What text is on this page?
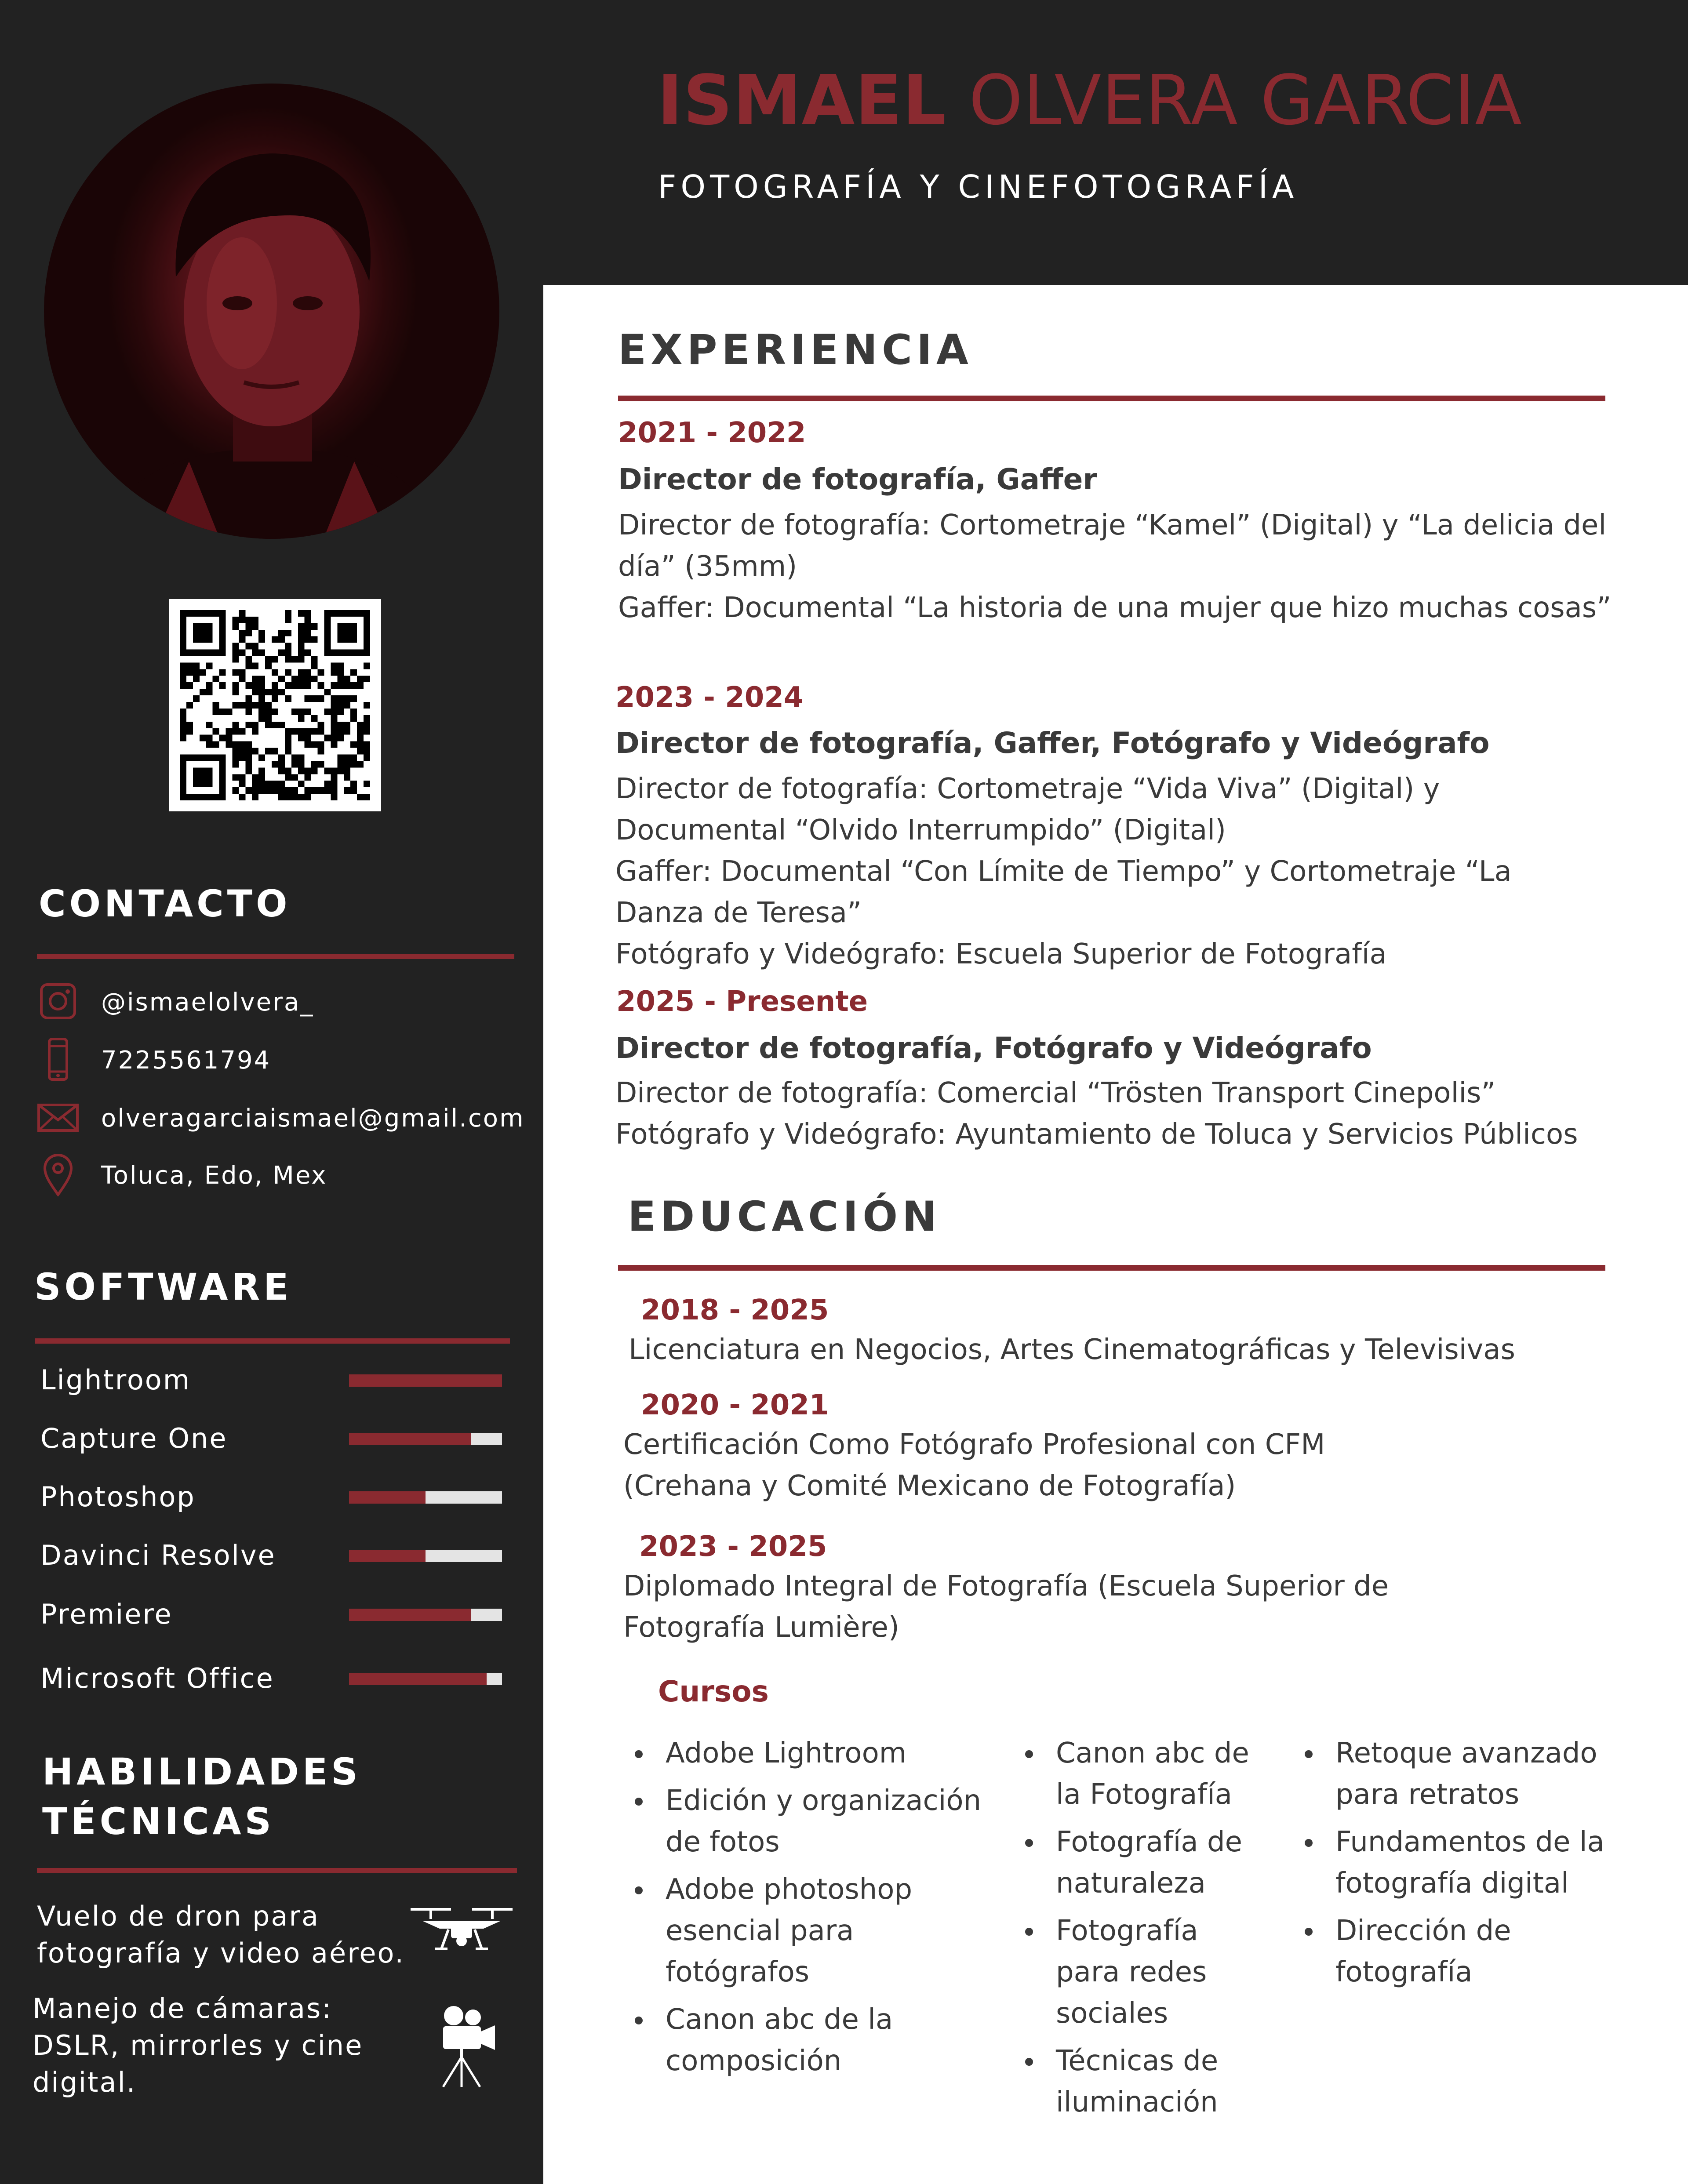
ISMAEL OLVERA GARCIA
FOTOGRAFÍA Y CINEFOTOGRAFÍA
CONTACTO
@ismaelolvera_
7225561794
olveragarciaismael@gmail.com
Toluca, Edo, Mex
SOFTWARE
Lightroom
Capture One
Photoshop
Davinci Resolve
Premiere
Microsoft Office
HABILIDADES
TÉCNICAS
Vuelo de dron para fotografía y video aéreo.
Manejo de cámaras: DSLR, mirrorles y cine digital.
EXPERIENCIA
2021 - 2022
Director de fotografía, Gaffer
Director de fotografía: Cortometraje “Kamel” (Digital) y “La delicia del día” (35mm)
Gaffer: Documental “La historia de una mujer que hizo muchas cosas”
2023 - 2024
Director de fotografía, Gaffer, Fotógrafo y Videógrafo
Director de fotografía: Cortometraje “Vida Viva” (Digital) y Documental “Olvido Interrumpido” (Digital)
Gaffer: Documental “Con Límite de Tiempo” y Cortometraje “La Danza de Teresa”
Fotógrafo y Videógrafo: Escuela Superior de Fotografía
2025 - Presente
Director de fotografía, Fotógrafo y Videógrafo
Director de fotografía: Comercial “Trösten Transport Cinepolis”
Fotógrafo y Videógrafo: Ayuntamiento de Toluca y Servicios Públicos
EDUCACIÓN
2018 - 2025
Licenciatura en Negocios, Artes Cinematográficas y Televisivas
2020 - 2021
Certificación Como Fotógrafo Profesional con CFM (Crehana y Comité Mexicano de Fotografía)
2023 - 2025
Diplomado Integral de Fotografía (Escuela Superior de Fotografía Lumière)
Cursos
Adobe Lightroom
Edición y organización de fotos
Adobe photoshop esencial para fotógrafos
Canon abc de la composición
Canon abc de la Fotografía
Fotografía de naturaleza
Fotografía para redes sociales
Técnicas de iluminación
Retoque avanzado para retratos
Fundamentos de la fotografía digital
Dirección de fotografía
